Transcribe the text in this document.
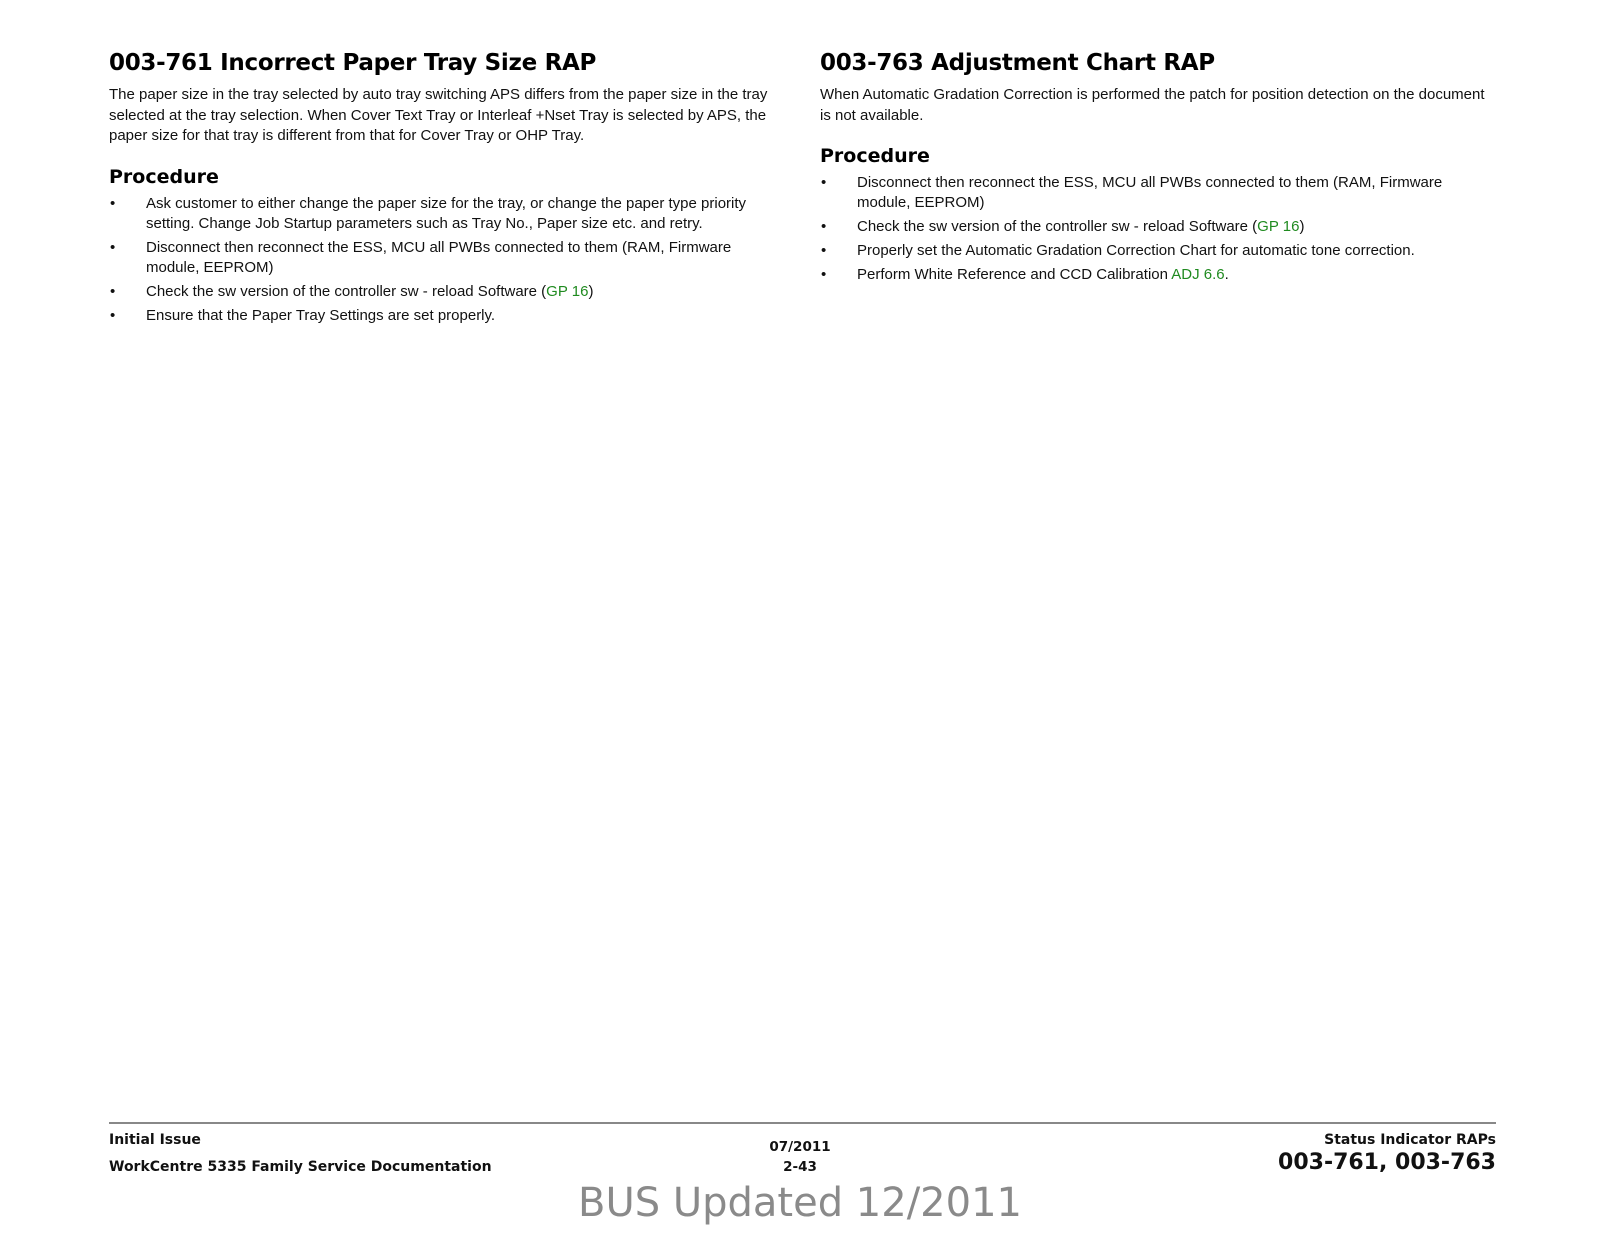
003-761 Incorrect Paper Tray Size RAP

The paper size in the tray selected by auto tray switching APS differs from the paper size in the tray selected at the tray selection. When Cover Text Tray or Interleaf +Nset Tray is selected by APS, the paper size for that tray is different from that for Cover Tray or OHP Tray.

Procedure
• Ask customer to either change the paper size for the tray, or change the paper type priority setting. Change Job Startup parameters such as Tray No., Paper size etc. and retry.
• Disconnect then reconnect the ESS, MCU all PWBs connected to them (RAM, Firmware module, EEPROM)
• Check the sw version of the controller sw - reload Software (GP 16)
• Ensure that the Paper Tray Settings are set properly.
003-763 Adjustment Chart RAP

When Automatic Gradation Correction is performed the patch for position detection on the document is not available.

Procedure
• Disconnect then reconnect the ESS, MCU all PWBs connected to them (RAM, Firmware module, EEPROM)
• Check the sw version of the controller sw - reload Software (GP 16)
• Properly set the Automatic Gradation Correction Chart for automatic tone correction.
• Perform White Reference and CCD Calibration ADJ 6.6.
Initial Issue
WorkCentre 5335 Family Service Documentation
07/2011
2-43
Status Indicator RAPs
003-761, 003-763
BUS Updated 12/2011
